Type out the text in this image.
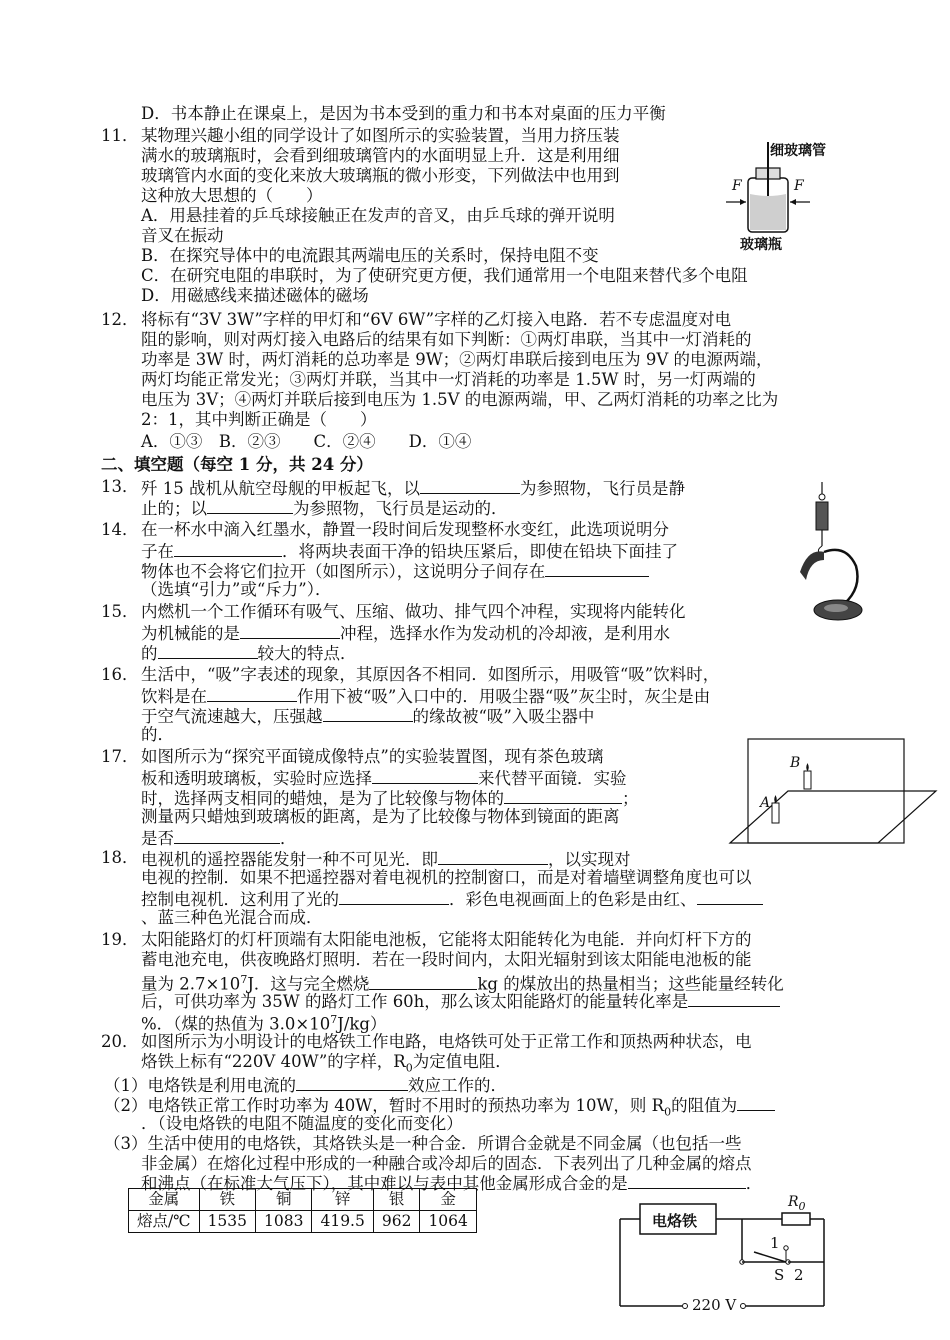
D．书本静止在课桌上，是因为书本受到的重力和书本对桌面的压力平衡
11． 某物理兴趣小组的同学设计了如图所示的实验装置，当用力挤压装
满水的玻璃瓶时，会看到细玻璃管内的水面明显上升．这是利用细
玻璃管内水面的变化来放大玻璃瓶的微小形变，下列做法中也用到
这种放大思想的（　　）
A．用悬挂着的乒乓球接触正在发声的音叉，由乒乓球的弹开说明
音叉在振动
B．在探究导体中的电流跟其两端电压的关系时，保持电阻不变
C．在研究电阻的串联时，为了使研究更方便，我们通常用一个电阻来替代多个电阻
D．用磁感线来描述磁体的磁场
细玻璃管
F	F
玻璃瓶
12． 将标有“3V 3W”字样的甲灯和“6V 6W”字样的乙灯接入电路．若不专虑温度对电
阻的影响，则对两灯接入电路后的结果有如下判断：①两灯串联，当其中一灯消耗的
功率是 3W 时，两灯消耗的总功率是 9W；②两灯串联后接到电压为 9V 的电源两端，
两灯均能正常发光；③两灯并联，当其中一灯消耗的功率是 1.5W 时，另一灯两端的
电压为 3V；④两灯并联后接到电压为 1.5V 的电源两端，甲、乙两灯消耗的功率之比为
2：1，其中判断正确是（　　）
A．①③　B．②③　　C．②④　　D．①④
二、填空题（每空 1 分，共 24 分）
13． 歼 15 战机从航空母舰的甲板起飞，以	为参照物，飞行员是静
止的；以	为参照物，飞行员是运动的．
14． 在一杯水中滴入红墨水，静置一段时间后发现整杯水变红，此选项说明分
子在	．将两块表面干净的铅块压紧后，即使在铅块下面挂了
物体也不会将它们拉开（如图所示），这说明分子间存在
（选填“引力”或“斥力”）．
15． 内燃机一个工作循环有吸气、压缩、做功、排气四个冲程，实现将内能转化
为机械能的是	冲程，选择水作为发动机的冷却液，是利用水
的	较大的特点．
16． 生活中，“吸”字表述的现象，其原因各不相同．如图所示，用吸管“吸”饮料时，
饮料是在	作用下被“吸”入口中的．用吸尘器“吸”灰尘时，灰尘是由
于空气流速越大，压强越	的缘故被“吸”入吸尘器中
的．
17． 如图所示为“探究平面镜成像特点”的实验装置图，现有茶色玻璃
板和透明玻璃板，实验时应选择	来代替平面镜．实验
时，选择两支相同的蜡烛，是为了比较像与物体的	；
测量两只蜡烛到玻璃板的距离，是为了比较像与物体到镜面的距离
是否	．
B
A
18． 电视机的遥控器能发射一种不可见光．即	，以实现对
电视的控制．如果不把遥控器对着电视机的控制窗口，而是对着墙壁调整角度也可以
控制电视机．这利用了光的	．彩色电视画面上的色彩是由红、
、蓝三种色光混合而成．
19． 太阳能路灯的灯杆顶端有太阳能电池板，它能将太阳能转化为电能．并向灯杆下方的
蓄电池充电，供夜晚路灯照明．若在一段时间内，太阳光辐射到该太阳能电池板的能
量为 $2.7\times 10^7J$．这与完全燃烧	kg 的煤放出的热量相当；这些能量经转化
后，可供功率为 35W 的路灯工作 60h，那么该太阳能路灯的能量转化率是
%．（煤的热值为 $3.0\times 10^7J/kg$）
20． 如图所示为小明设计的电烙铁工作电路，电烙铁可处于正常工作和顶热两种状态，电
烙铁上标有“220V 40W”的字样，$R_0$为定值电阻．
（1）电烙铁是利用电流的	效应工作的．
（2）电烙铁正常工作时功率为 40W，暂时不用时的预热功率为 10W，则 $R_0$的阻值为
．（设电烙铁的电阻不随温度的变化而变化）
（3）生活中使用的电烙铁，其烙铁头是一种合金．所谓合金就是不同金属（也包括一些
非金属）在熔化过程中形成的一种融合或冷却后的固态．下表列出了几种金属的熔点
和沸点（在标准大气压下），其中难以与表中其他金属形成合金的是	．
金属	铁	铜	锌	银	金
熔点/℃	1535	1083	419.5	962	1064	电烙铁
$R_0$
1
S 2
220 V
